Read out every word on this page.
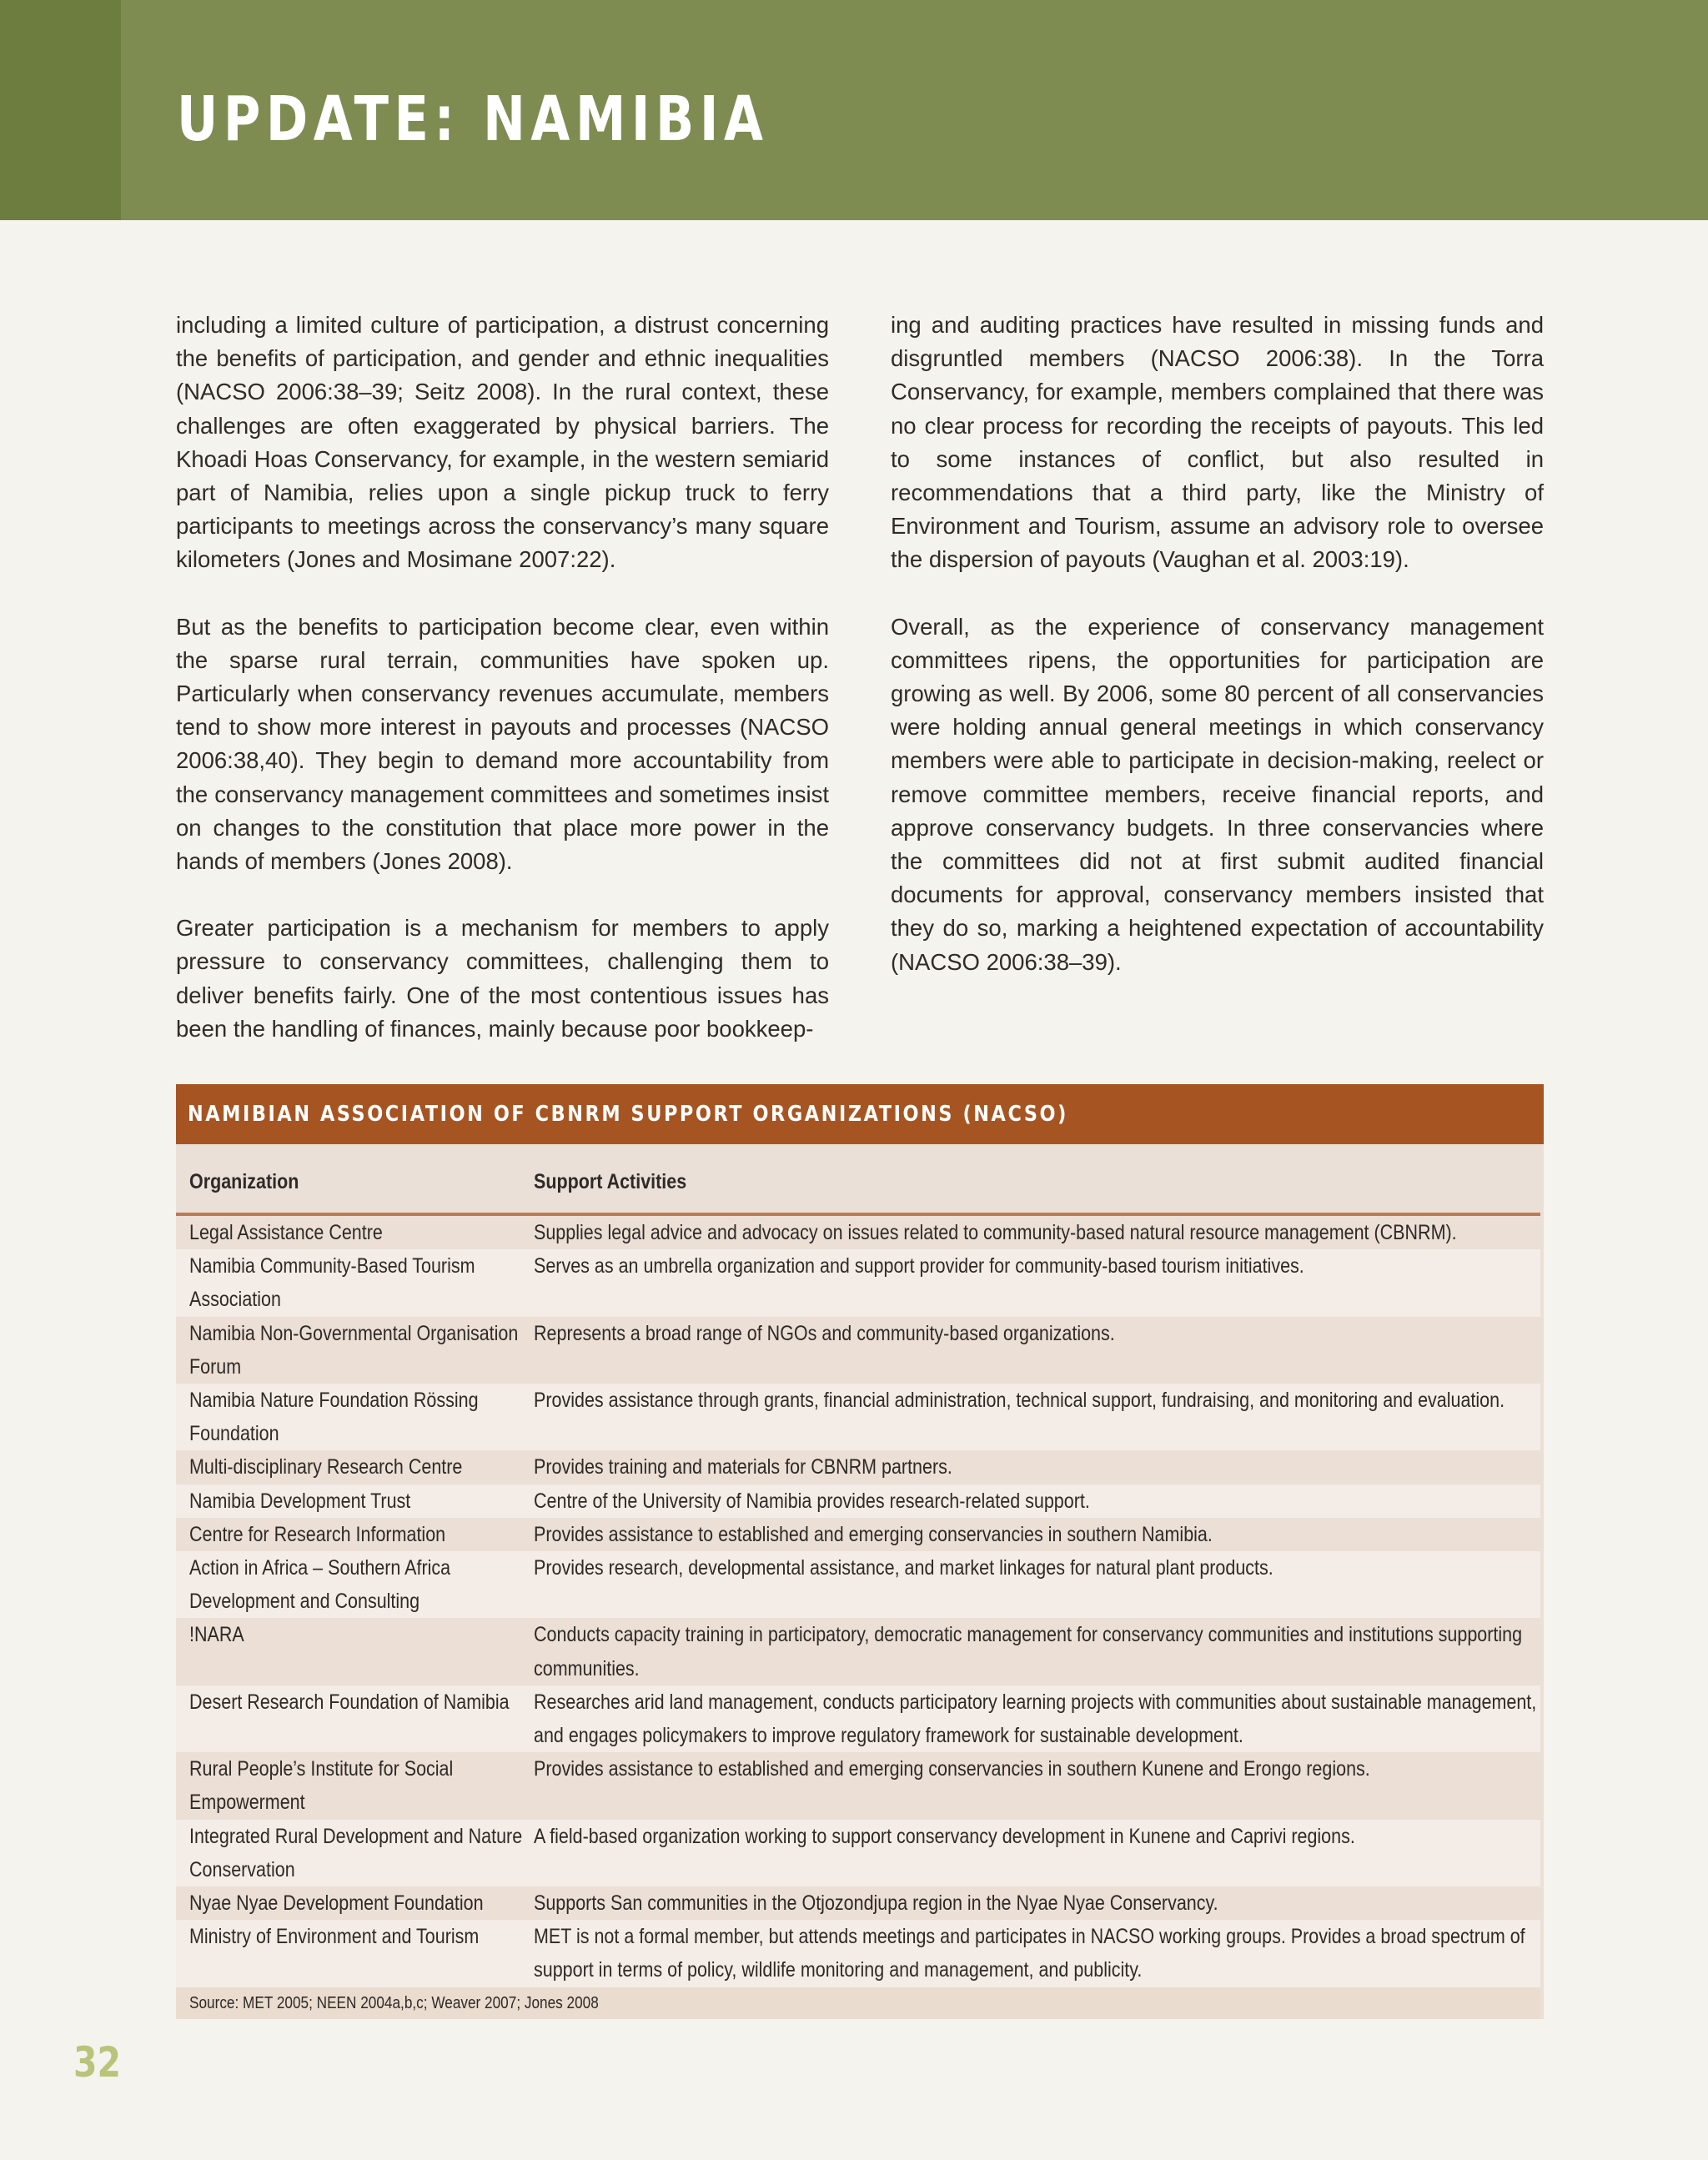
UPDATE: NAMIBIA

including a limited culture of participation, a distrust concerning the benefits of participation, and gender and ethnic inequalities (NACSO 2006:38–39; Seitz 2008). In the rural context, these challenges are often exaggerated by physical barriers. The Khoadi Hoas Conservancy, for example, in the western semiarid part of Namibia, relies upon a single pickup truck to ferry participants to meetings across the conservancy’s many square kilometers (Jones and Mosimane 2007:22).

But as the benefits to participation become clear, even within the sparse rural terrain, communities have spoken up. Particularly when conservancy revenues accumulate, members tend to show more interest in payouts and processes (NACSO 2006:38,40). They begin to demand more accountability from the conservancy management committees and sometimes insist on changes to the constitution that place more power in the hands of members (Jones 2008).

Greater participation is a mechanism for members to apply pressure to conservancy committees, challenging them to deliver benefits fairly. One of the most contentious issues has been the handling of finances, mainly because poor bookkeep-

ing and auditing practices have resulted in missing funds and disgruntled members (NACSO 2006:38). In the Torra Conservancy, for example, members complained that there was no clear process for recording the receipts of payouts. This led to some instances of conflict, but also resulted in recommendations that a third party, like the Ministry of Environment and Tourism, assume an advisory role to oversee the dispersion of payouts (Vaughan et al. 2003:19).

Overall, as the experience of conservancy management committees ripens, the opportunities for participation are growing as well. By 2006, some 80 percent of all conservancies were holding annual general meetings in which conservancy members were able to participate in decision-making, reelect or remove committee members, receive financial reports, and approve conservancy budgets. In three conservancies where the committees did not at first submit audited financial documents for approval, conservancy members insisted that they do so, marking a heightened expectation of accountability (NACSO 2006:38–39).

NAMIBIAN ASSOCIATION OF CBNRM SUPPORT ORGANIZATIONS (NACSO)
Organization	Support Activities
Legal Assistance Centre	Supplies legal advice and advocacy on issues related to community-based natural resource management (CBNRM).
Namibia Community-Based Tourism Association	Serves as an umbrella organization and support provider for community-based tourism initiatives.
Namibia Non-Governmental Organisation Forum	Represents a broad range of NGOs and community-based organizations.
Namibia Nature Foundation Rössing Foundation	Provides assistance through grants, financial administration, technical support, fundraising, and monitoring and evaluation.
Multi-disciplinary Research Centre	Provides training and materials for CBNRM partners.
Namibia Development Trust	Centre of the University of Namibia provides research-related support.
Centre for Research Information	Provides assistance to established and emerging conservancies in southern Namibia.
Action in Africa – Southern Africa Development and Consulting	Provides research, developmental assistance, and market linkages for natural plant products.
!NARA	Conducts capacity training in participatory, democratic management for conservancy communities and institutions supporting communities.
Desert Research Foundation of Namibia	Researches arid land management, conducts participatory learning projects with communities about sustainable management, and engages policymakers to improve regulatory framework for sustainable development.
Rural People’s Institute for Social Empowerment	Provides assistance to established and emerging conservancies in southern Kunene and Erongo regions.
Integrated Rural Development and Nature Conservation	A field-based organization working to support conservancy development in Kunene and Caprivi regions.
Nyae Nyae Development Foundation	Supports San communities in the Otjozondjupa region in the Nyae Nyae Conservancy.
Ministry of Environment and Tourism	MET is not a formal member, but attends meetings and participates in NACSO working groups. Provides a broad spectrum of support in terms of policy, wildlife monitoring and management, and publicity.
Source: MET 2005; NEEN 2004a,b,c; Weaver 2007; Jones 2008	
32
